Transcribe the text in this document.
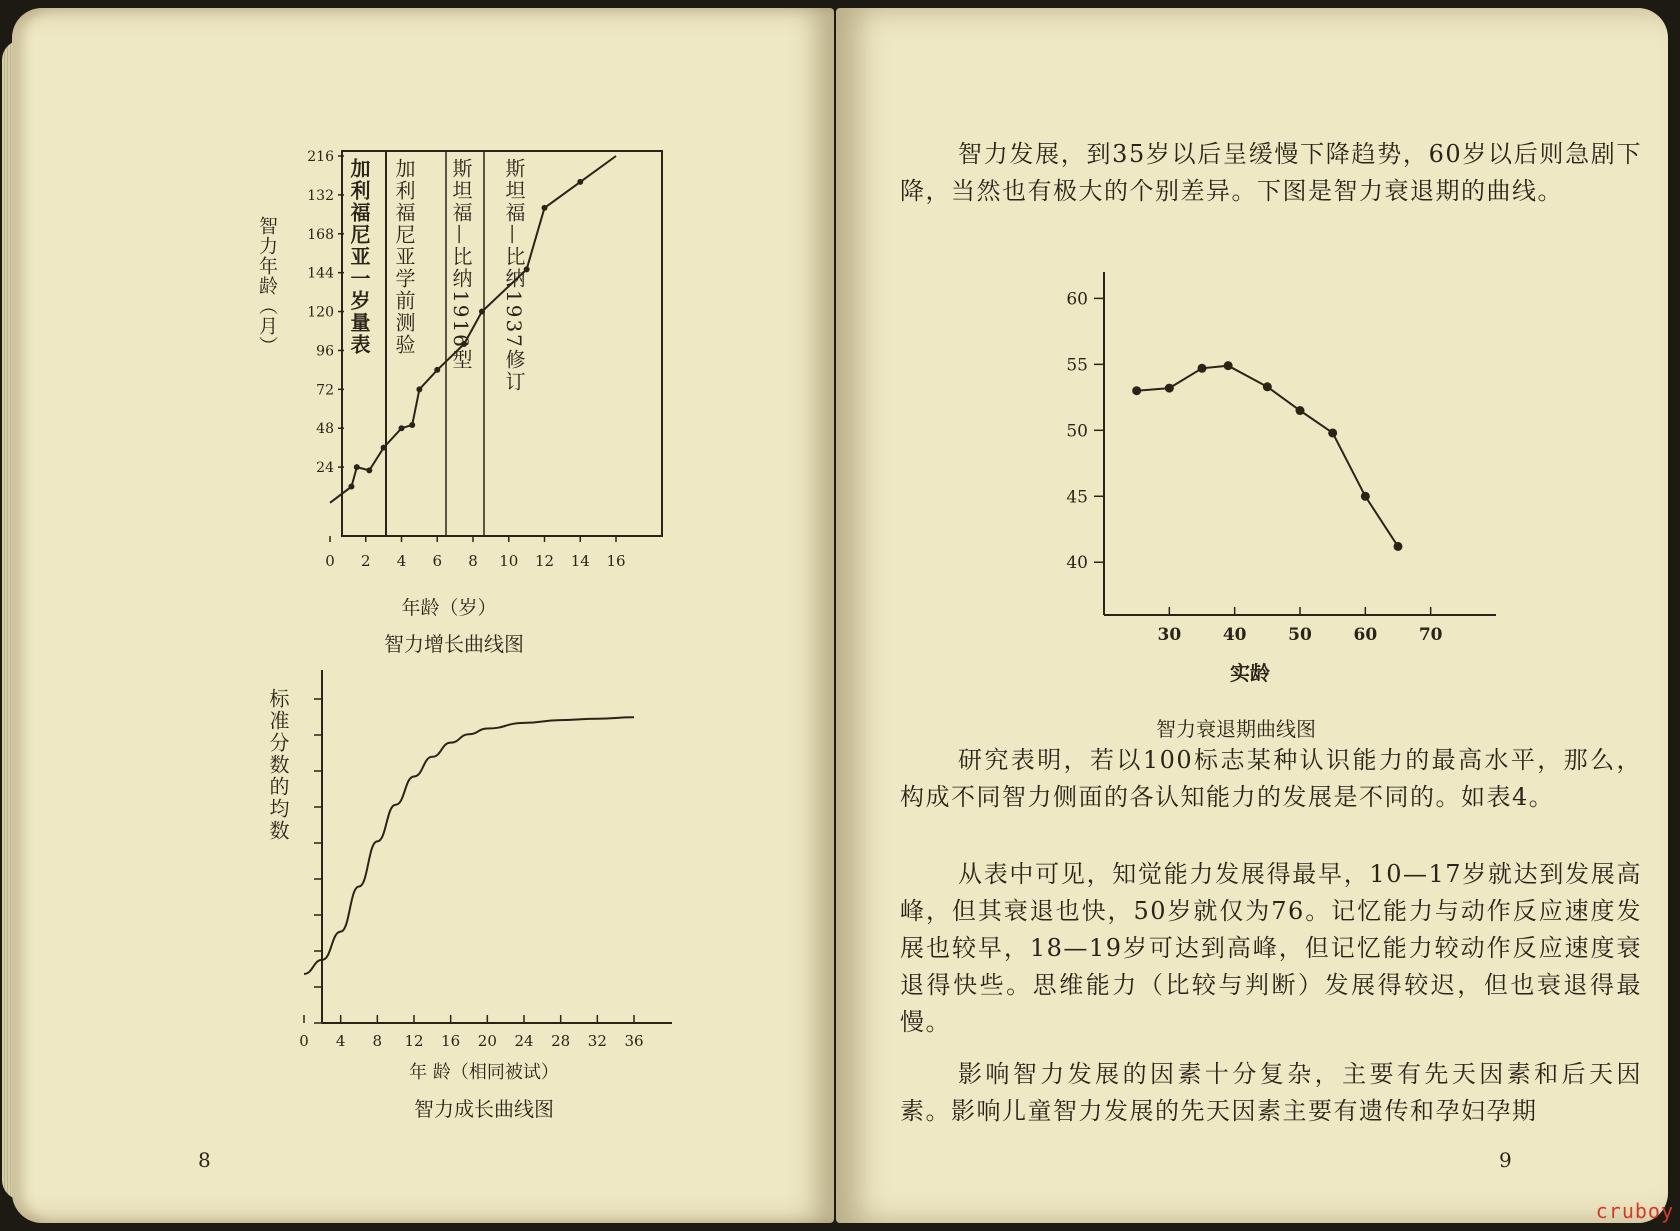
24
48
72
96
120
144
168
132
216
0 2 4 6 8 10 12 14 16
加利福尼亚一岁量表 加利福尼亚学前测验 斯坦福—比纳1916型 斯坦福—比纳1937修订
智力年龄（月）
年龄（岁）
智力增长曲线图
0 4 8 12 16 20 24 28 32 36
标准分数的均数
年 龄（相同被试）
智力成长曲线图
8

智力发展，到35岁以后呈缓慢下降趋势，60岁以后则急剧下降，当然也有极大的个别差异。下图是智力衰退期的曲线。

40
45
50
55
60
30 40 50 60 70
实龄
智力衰退期曲线图

研究表明，若以100标志某种认识能力的最高水平，那么，构成不同智力侧面的各认知能力的发展是不同的。如表4。

从表中可见，知觉能力发展得最早，10—17岁就达到发展高峰，但其衰退也快，50岁就仅为76。记忆能力与动作反应速度发展也较早，18—19岁可达到高峰，但记忆能力较动作反应速度衰退得快些。思维能力（比较与判断）发展得较迟，但也衰退得最慢。

影响智力发展的因素十分复杂，主要有先天因素和后天因素。影响儿童智力发展的先天因素主要有遗传和孕妇孕期

9
cruboy
